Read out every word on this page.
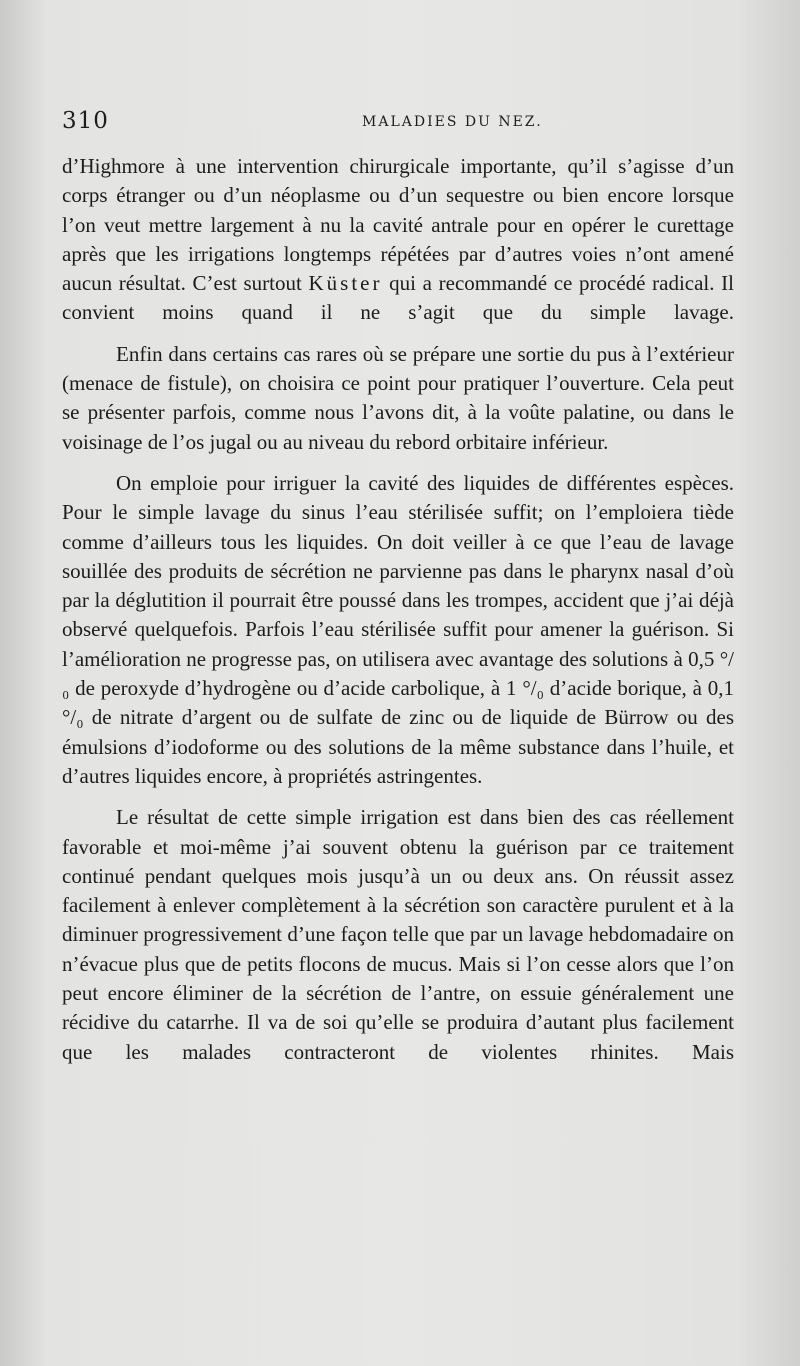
310	MALADIES DU NEZ.

d’Highmore à une intervention chirurgicale importante, qu’il s’agisse d’un corps étranger ou d’un néoplasme ou d’un sequestre ou bien encore lorsque l’on veut mettre largement à nu la cavité antrale pour en opérer le curettage après que les irrigations longtemps répétées par d’autres voies n’ont amené aucun résultat. C’est surtout Küster qui a recommandé ce procédé radical. Il convient moins quand il ne s’agit que du simple lavage.

Enfin dans certains cas rares où se prépare une sortie du pus à l’extérieur (menace de fistule), on choisira ce point pour pratiquer l’ouverture. Cela peut se présenter parfois, comme nous l’avons dit, à la voûte palatine, ou dans le voisinage de l’os jugal ou au niveau du rebord orbitaire inférieur.

On emploie pour irriguer la cavité des liquides de différentes espèces. Pour le simple lavage du sinus l’eau stérilisée suffit; on l’emploiera tiède comme d’ailleurs tous les liquides. On doit veiller à ce que l’eau de lavage souillée des produits de sécrétion ne parvienne pas dans le pharynx nasal d’où par la déglutition il pourrait être poussé dans les trompes, accident que j’ai déjà observé quelquefois. Parfois l’eau stérilisée suffit pour amener la guérison. Si l’amélioration ne progresse pas, on utilisera avec avantage des solutions à 0,5 °/₀ de peroxyde d’hydrogène ou d’acide carbolique, à 1 °/₀ d’acide borique, à 0,1 °/₀ de nitrate d’argent ou de sulfate de zinc ou de liquide de Bürrow ou des émulsions d’iodoforme ou des solutions de la même substance dans l’huile, et d’autres liquides encore, à propriétés astringentes.

Le résultat de cette simple irrigation est dans bien des cas réellement favorable et moi-même j’ai souvent obtenu la guérison par ce traitement continué pendant quelques mois jusqu’à un ou deux ans. On réussit assez facilement à enlever complètement à la sécrétion son caractère purulent et à la diminuer progressivement d’une façon telle que par un lavage hebdomadaire on n’évacue plus que de petits flocons de mucus. Mais si l’on cesse alors que l’on peut encore éliminer de la sécrétion de l’antre, on essuie généralement une récidive du catarrhe. Il va de soi qu’elle se produira d’autant plus facilement que les malades contracteront de violentes rhinites. Mais
